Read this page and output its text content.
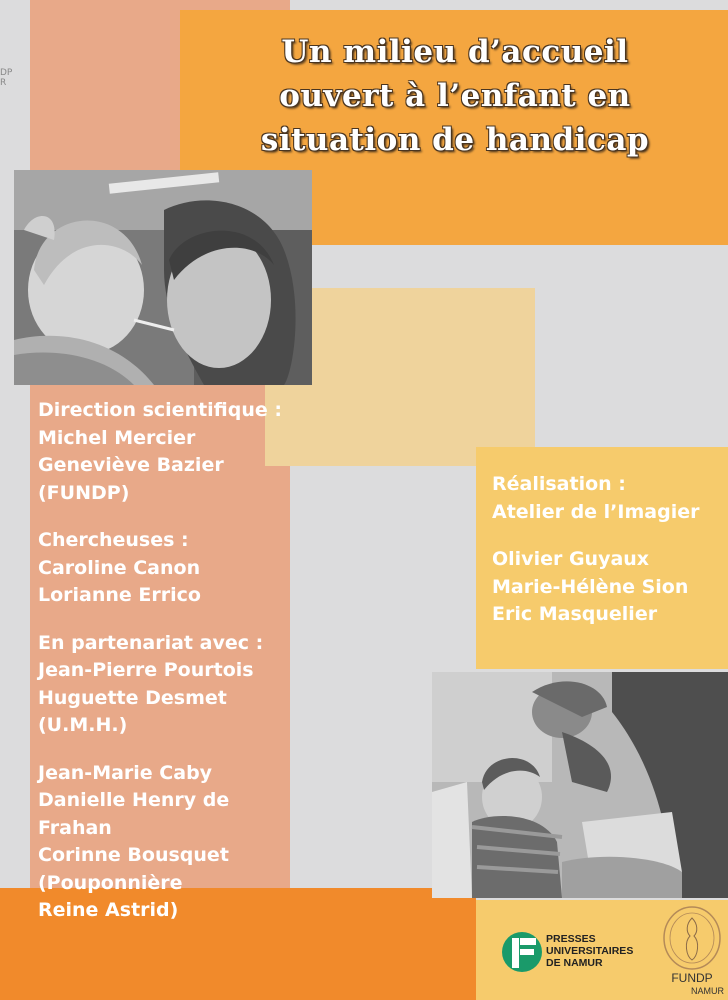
DP
R
Un milieu d’accueil
ouvert à l’enfant en
situation de handicap
Direction scientifique :
Michel Mercier
Geneviève Bazier
(FUNDP)
Chercheuses :
Caroline Canon
Lorianne Errico
En partenariat avec :
Jean-Pierre Pourtois
Huguette Desmet
(U.M.H.)
Jean-Marie Caby
Danielle Henry de
Frahan
Corinne Bousquet
(Pouponnière
Reine Astrid)
Réalisation :
Atelier de l’Imagier
Olivier Guyaux
Marie-Hélène Sion
Eric Masquelier
PRESSES
UNIVERSITAIRES
DE NAMUR
FUNDP
NAMUR
